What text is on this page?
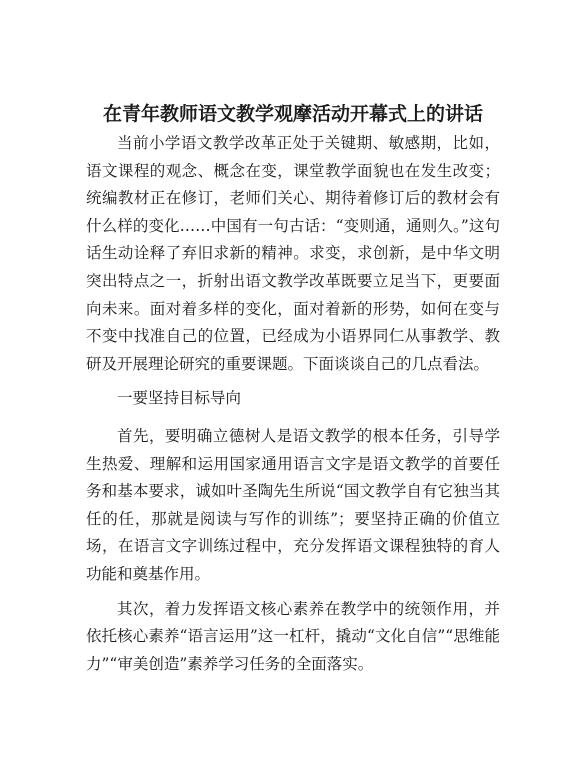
在青年教师语文教学观摩活动开幕式上的讲话

当前小学语文教学改革正处于关键期、敏感期，比如，语文课程的观念、概念在变，课堂教学面貌也在发生改变；统编教材正在修订，老师们关心、期待着修订后的教材会有什么样的变化……中国有一句古话：“变则通，通则久。”这句话生动诠释了弃旧求新的精神。求变，求创新，是中华文明突出特点之一，折射出语文教学改革既要立足当下，更要面向未来。面对着多样的变化，面对着新的形势，如何在变与不变中找准自己的位置，已经成为小语界同仁从事教学、教研及开展理论研究的重要课题。下面谈谈自己的几点看法。

一要坚持目标导向

首先，要明确立德树人是语文教学的根本任务，引导学生热爱、理解和运用国家通用语言文字是语文教学的首要任务和基本要求，诚如叶圣陶先生所说“国文教学自有它独当其任的任，那就是阅读与写作的训练”；要坚持正确的价值立场，在语言文字训练过程中，充分发挥语文课程独特的育人功能和奠基作用。

其次，着力发挥语文核心素养在教学中的统领作用，并依托核心素养“语言运用”这一杠杆，撬动“文化自信”“思维能力”“审美创造”素养学习任务的全面落实。
